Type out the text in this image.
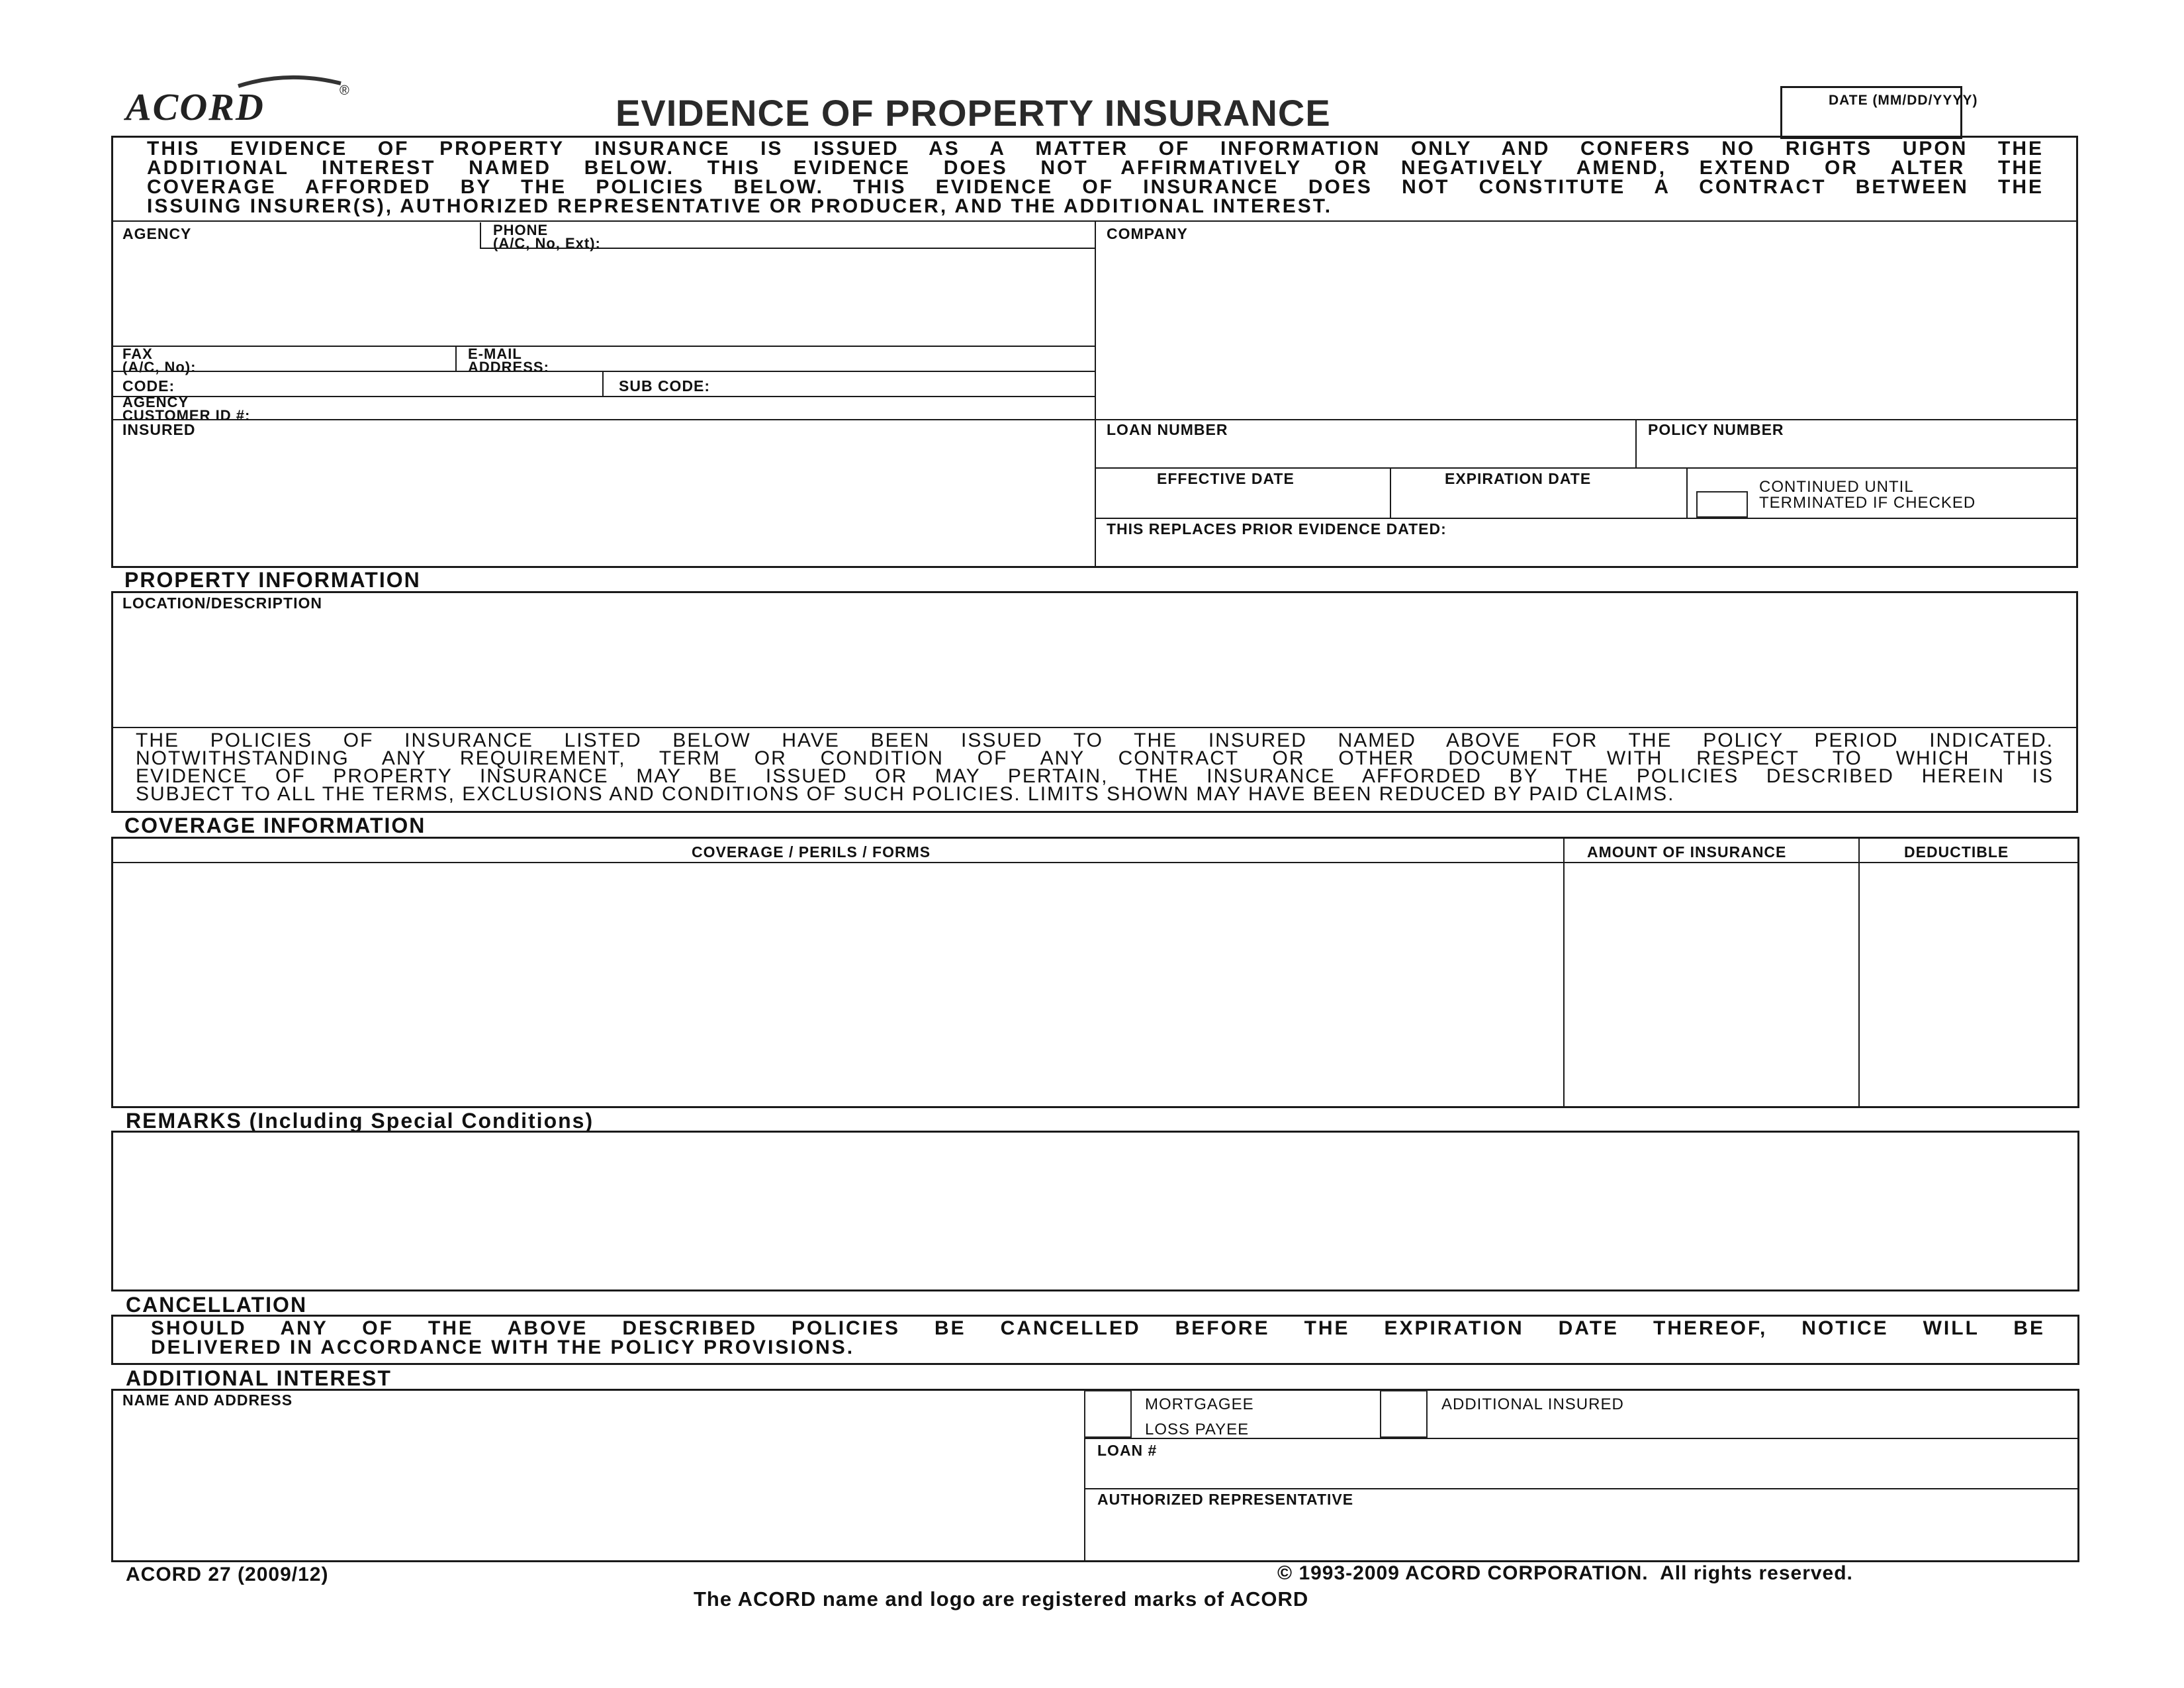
ACORD	®
EVIDENCE OF PROPERTY INSURANCE	DATE (MM/DD/YYYY)
THIS EVIDENCE OF PROPERTY INSURANCE IS ISSUED AS A MATTER OF INFORMATION ONLY AND CONFERS NO RIGHTS UPON THE
ADDITIONAL INTEREST NAMED BELOW. THIS EVIDENCE DOES NOT AFFIRMATIVELY OR NEGATIVELY AMEND, EXTEND OR ALTER THE
COVERAGE AFFORDED BY THE POLICIES BELOW. THIS EVIDENCE OF INSURANCE DOES NOT CONSTITUTE A CONTRACT BETWEEN THE
ISSUING INSURER(S), AUTHORIZED REPRESENTATIVE OR PRODUCER, AND THE ADDITIONAL INTEREST.
AGENCY	PHONE
(A/C, No, Ext):
FAX
(A/C, No):
E-MAIL
ADDRESS:
CODE:	SUB CODE:
AGENCY
CUSTOMER ID #:
INSURED
COMPANY
LOAN NUMBER	POLICY NUMBER
EFFECTIVE DATE	EXPIRATION DATE	CONTINUED UNTIL
TERMINATED IF CHECKED
THIS REPLACES PRIOR EVIDENCE DATED:
PROPERTY INFORMATION
LOCATION/DESCRIPTION
THE POLICIES OF INSURANCE LISTED BELOW HAVE BEEN ISSUED TO THE INSURED NAMED ABOVE FOR THE POLICY PERIOD INDICATED.
NOTWITHSTANDING ANY REQUIREMENT, TERM OR CONDITION OF ANY CONTRACT OR OTHER DOCUMENT WITH RESPECT TO WHICH THIS
EVIDENCE OF PROPERTY INSURANCE MAY BE ISSUED OR MAY PERTAIN, THE INSURANCE AFFORDED BY THE POLICIES DESCRIBED HEREIN IS
SUBJECT TO ALL THE TERMS, EXCLUSIONS AND CONDITIONS OF SUCH POLICIES. LIMITS SHOWN MAY HAVE BEEN REDUCED BY PAID CLAIMS.
COVERAGE INFORMATION
COVERAGE / PERILS / FORMS	AMOUNT OF INSURANCE	DEDUCTIBLE
REMARKS (Including Special Conditions)
CANCELLATION
SHOULD ANY OF THE ABOVE DESCRIBED POLICIES BE CANCELLED BEFORE THE EXPIRATION DATE THEREOF, NOTICE WILL BE
DELIVERED IN ACCORDANCE WITH THE POLICY PROVISIONS.
ADDITIONAL INTEREST
NAME AND ADDRESS	MORTGAGEE
LOSS PAYEE
ADDITIONAL INSURED
LOAN #
AUTHORIZED REPRESENTATIVE
ACORD 27 (2009/12)	© 1993-2009 ACORD CORPORATION.  All rights reserved.
The ACORD name and logo are registered marks of ACORD
